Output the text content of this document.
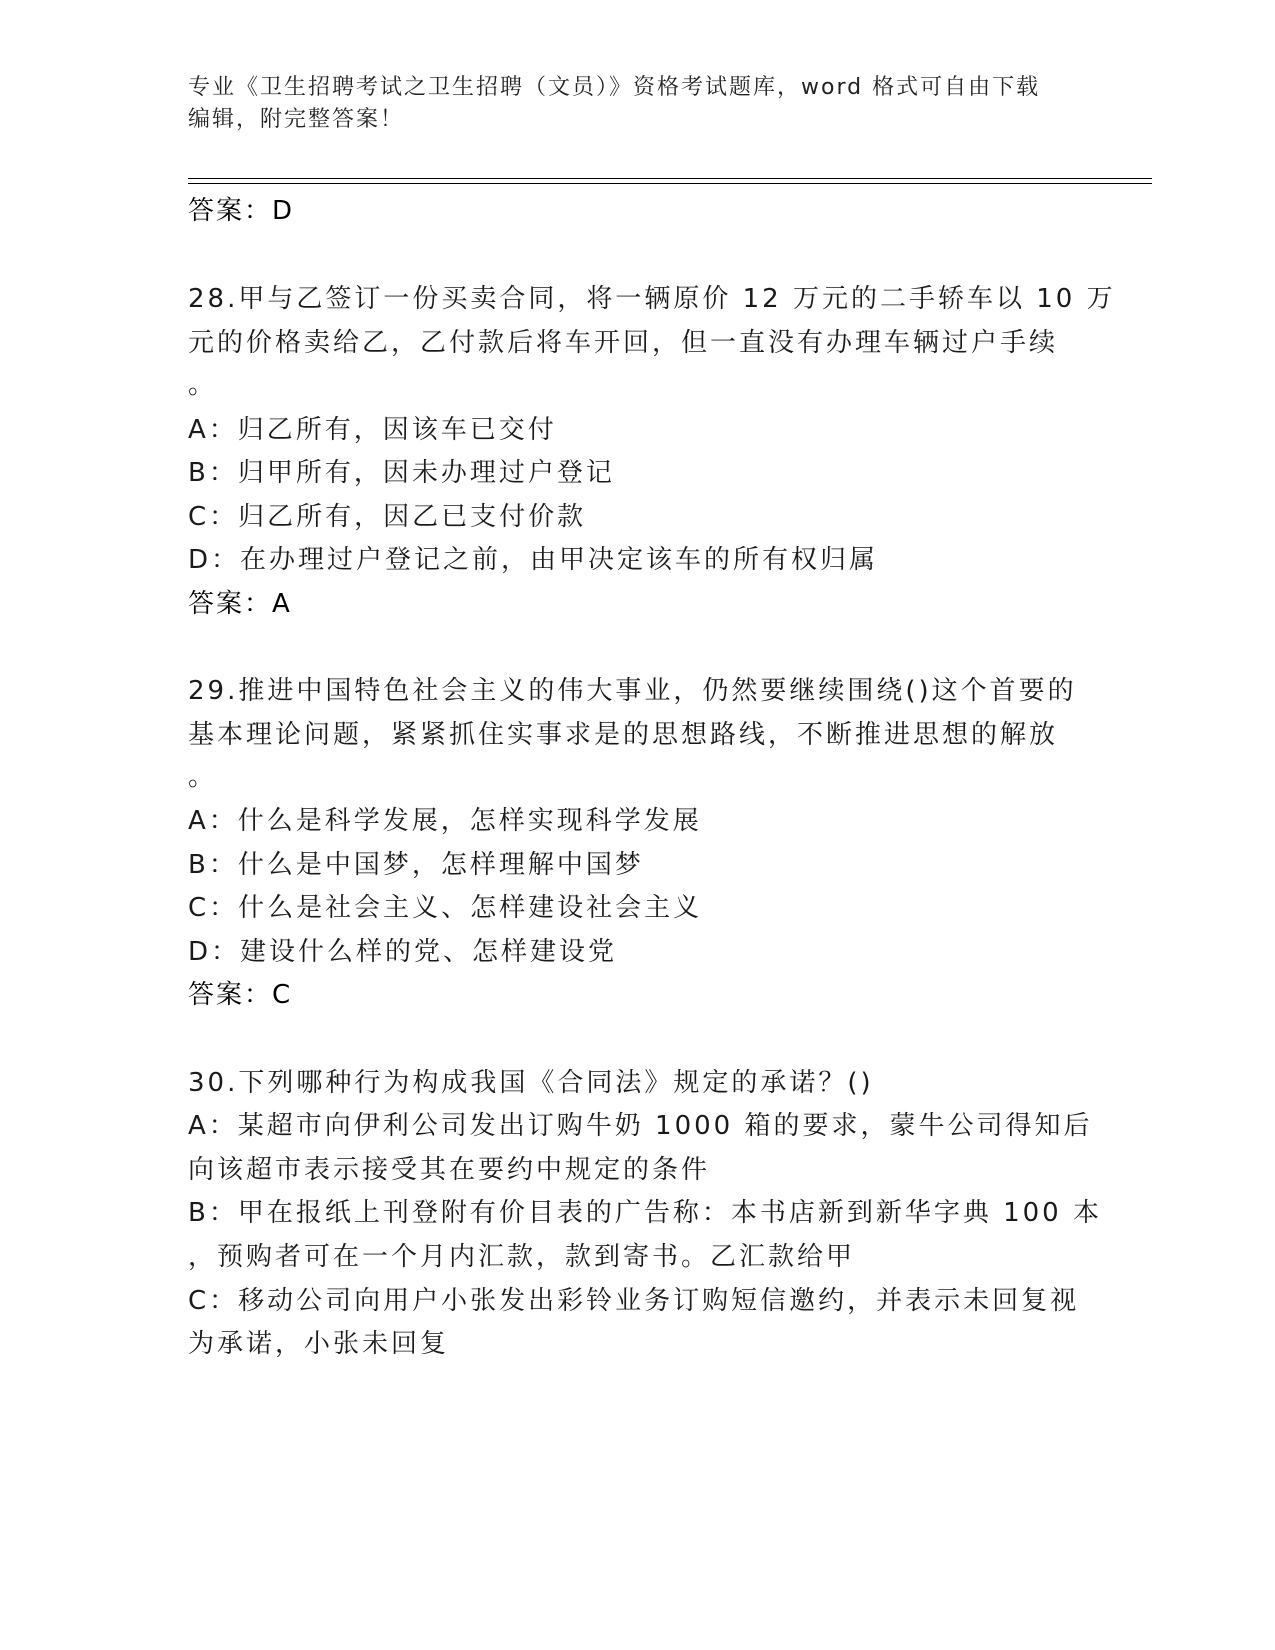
专业《卫生招聘考试之卫生招聘（文员）》资格考试题库，word 格式可自由下载
编辑，附完整答案！
答案：D
28.甲与乙签订一份买卖合同，将一辆原价 12 万元的二手轿车以 10 万
元的价格卖给乙，乙付款后将车开回，但一直没有办理车辆过户手续
。
A：归乙所有，因该车已交付
B：归甲所有，因未办理过户登记
C：归乙所有，因乙已支付价款
D：在办理过户登记之前，由甲决定该车的所有权归属
答案：A
29.推进中国特色社会主义的伟大事业，仍然要继续围绕()这个首要的
基本理论问题，紧紧抓住实事求是的思想路线，不断推进思想的解放
。
A：什么是科学发展，怎样实现科学发展
B：什么是中国梦，怎样理解中国梦
C：什么是社会主义、怎样建设社会主义
D：建设什么样的党、怎样建设党
答案：C
30.下列哪种行为构成我国《合同法》规定的承诺？()
A：某超市向伊利公司发出订购牛奶 1000 箱的要求，蒙牛公司得知后
向该超市表示接受其在要约中规定的条件
B：甲在报纸上刊登附有价目表的广告称：本书店新到新华字典 100 本
，预购者可在一个月内汇款，款到寄书。乙汇款给甲
C：移动公司向用户小张发出彩铃业务订购短信邀约，并表示未回复视
为承诺，小张未回复
